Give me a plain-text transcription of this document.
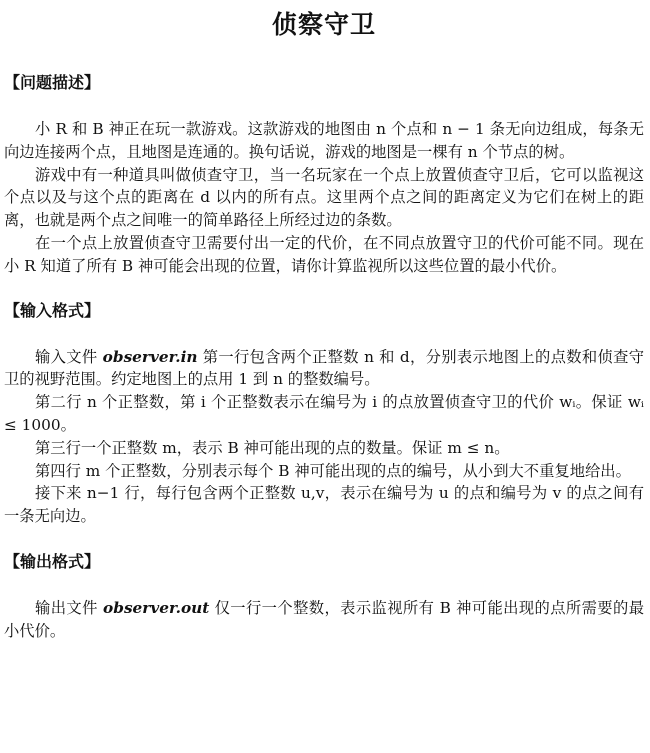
侦察守卫
【问题描述】

小 R 和 B 神正在玩一款游戏。这款游戏的地图由 n 个点和 n − 1 条无向边组成，每条无向边连接两个点，且地图是连通的。换句话说，游戏的地图是一棵有 n 个节点的树。

游戏中有一种道具叫做侦查守卫，当一名玩家在一个点上放置侦查守卫后，它可以监视这个点以及与这个点的距离在 d 以内的所有点。这里两个点之间的距离定义为它们在树上的距离，也就是两个点之间唯一的简单路径上所经过边的条数。

在一个点上放置侦查守卫需要付出一定的代价，在不同点放置守卫的代价可能不同。现在小 R 知道了所有 B 神可能会出现的位置，请你计算监视所以这些位置的最小代价。

【输入格式】

输入文件 observer.in 第一行包含两个正整数 n 和 d，分别表示地图上的点数和侦查守卫的视野范围。约定地图上的点用 1 到 n 的整数编号。

第二行 n 个正整数，第 i 个正整数表示在编号为 i 的点放置侦查守卫的代价 wᵢ。保证 wᵢ ≤ 1000。

第三行一个正整数 m，表示 B 神可能出现的点的数量。保证 m ≤ n。

第四行 m 个正整数，分别表示每个 B 神可能出现的点的编号，从小到大不重复地给出。

接下来 n−1 行，每行包含两个正整数 u,v，表示在编号为 u 的点和编号为 v 的点之间有一条无向边。

【输出格式】

输出文件 observer.out 仅一行一个整数，表示监视所有 B 神可能出现的点所需要的最小代价。
